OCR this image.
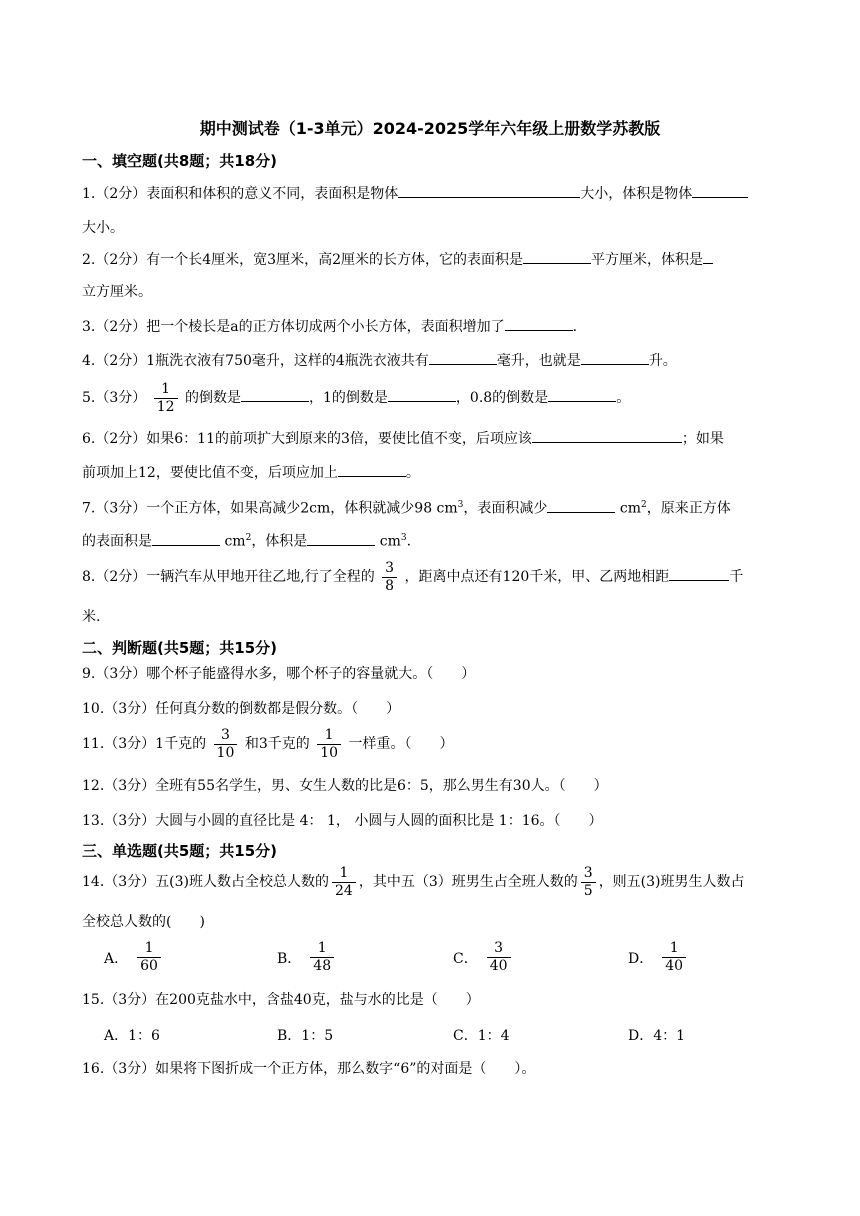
期中测试卷（1-3单元）2024-2025学年六年级上册数学苏教版
一、填空题(共8题；共18分)
1.（2分）表面积和体积的意义不同，表面积是物体	大小，体积是物体
大小。
2.（2分）有一个长4厘米，宽3厘米，高2厘米的长方体，它的表面积是	平方厘米，体积是
立方厘米。
3.（2分）把一个棱长是a的正方体切成两个小长方体，表面积增加了	.
4.（2分）1瓶洗衣液有750毫升，这样的4瓶洗衣液共有	毫升，也就是	升。
5.（3分） $\frac{1}{12}$ 的倒数是	，1的倒数是	，0.8的倒数是	。
6.（2分）如果6：11的前项扩大到原来的3倍，要使比值不变，后项应该	；如果
前项加上12，要使比值不变，后项应加上	。
7.（3分）一个正方体，如果高减少2cm，体积就减少98 $cm^3$，表面积减少	$cm^2$，原来正方体
的表面积是	$cm^2$，体积是	$cm^3$.
8.（2分）一辆汽车从甲地开往乙地,行了全程的 $\frac{3}{8}$ ，距离中点还有120千米，甲、乙两地相距	千
米.
二、判断题(共5题；共15分)
9.（3分）哪个杯子能盛得水多，哪个杯子的容量就大。（　　）
10.（3分）任何真分数的倒数都是假分数。（　　）
11.（3分）1千克的 $\frac{3}{10}$ 和3千克的 $\frac{1}{10}$ 一样重。（　　）
12.（3分）全班有55名学生，男、女生人数的比是6：5，那么男生有30人。（　　）
13.（3分）大圆与小圆的直径比是 4： 1， 小圆与人圆的面积比是 1：16。（　　）
三、单选题(共5题；共15分)
14.（3分）五(3)班人数占全校总人数的 $\frac{1}{24}$ ，其中五（3）班男生占全班人数的 $\frac{3}{5}$ ，则五(3)班男生人数占
全校总人数的(　　)
A． $\frac{1}{60}$	B． $\frac{1}{48}$	C． $\frac{3}{40}$	D． $\frac{1}{40}$
15.（3分）在200克盐水中，含盐40克，盐与水的比是（　　）
A．1：6	B．1：5	C．1：4	D．4：1
16.（3分）如果将下图折成一个正方体，那么数字“6”的对面是（　　）。
